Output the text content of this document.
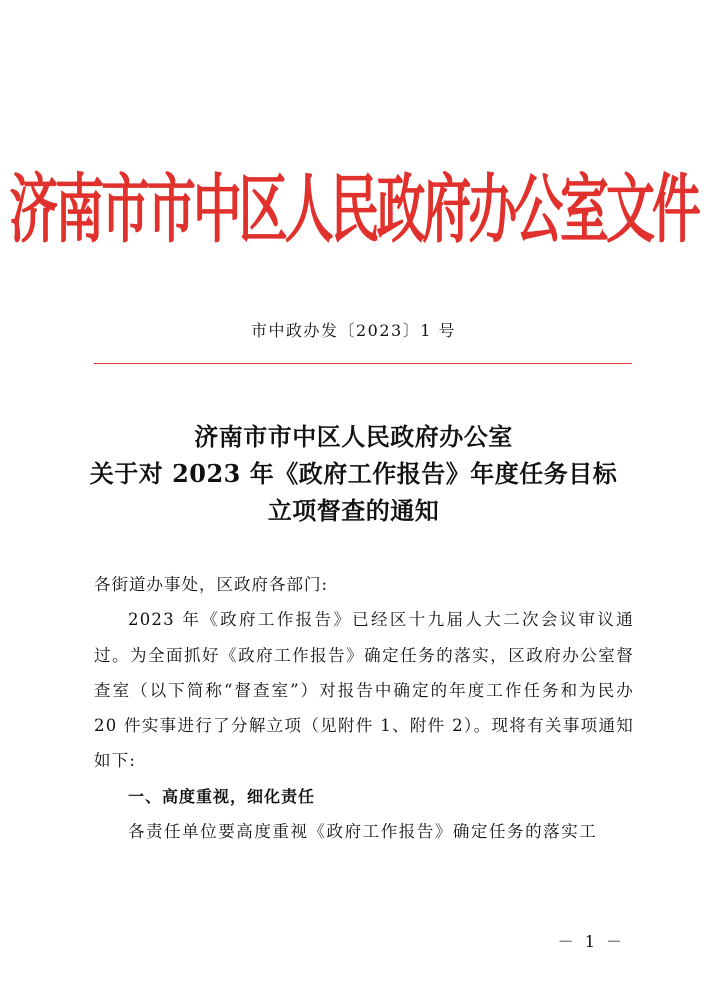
济南市市中区人民政府办公室文件
市中政办发〔2023〕1 号
济南市市中区人民政府办公室
关于对 2023 年《政府工作报告》年度任务目标
立项督查的通知
各街道办事处，区政府各部门:
2023 年《政府工作报告》已经区十九届人大二次会议审议通过。为全面抓好《政府工作报告》确定任务的落实，区政府办公室督查室（以下简称“督查室”）对报告中确定的年度工作任务和为民办 20 件实事进行了分解立项（见附件 1、附件 2）。现将有关事项通知如下:
一、高度重视，细化责任
各责任单位要高度重视《政府工作报告》确定任务的落实工
－ 1 －
